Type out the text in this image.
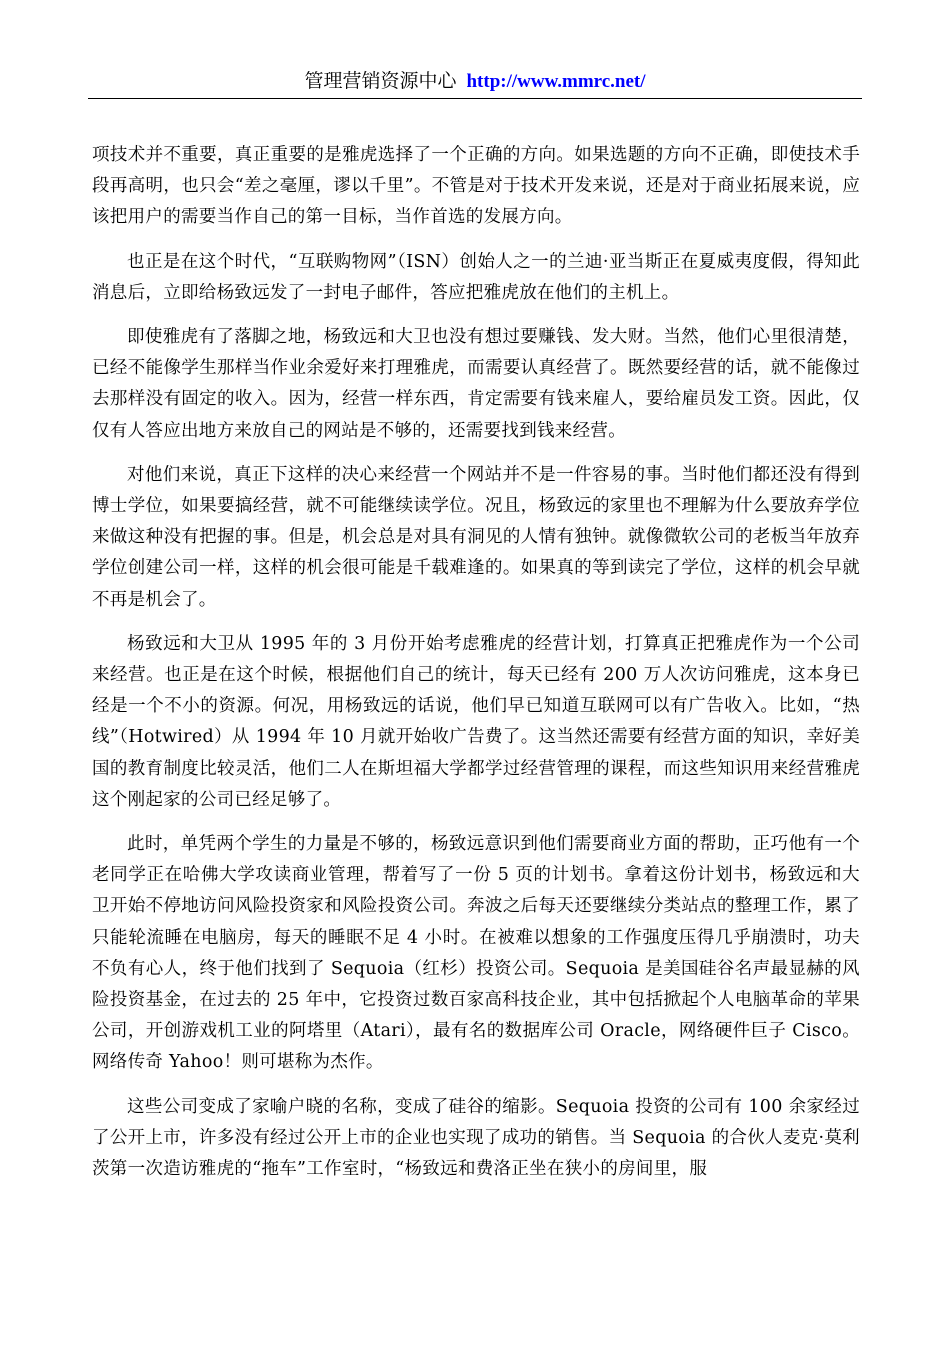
管理营销资源中心 http://www.mmrc.net/

项技术并不重要，真正重要的是雅虎选择了一个正确的方向。如果选题的方向不正确，即使技术手段再高明，也只会“差之毫厘，谬以千里”。不管是对于技术开发来说，还是对于商业拓展来说，应该把用户的需要当作自己的第一目标，当作首选的发展方向。

也正是在这个时代，“互联购物网”（ISN）创始人之一的兰迪·亚当斯正在夏威夷度假，得知此消息后，立即给杨致远发了一封电子邮件，答应把雅虎放在他们的主机上。

即使雅虎有了落脚之地，杨致远和大卫也没有想过要赚钱、发大财。当然，他们心里很清楚，已经不能像学生那样当作业余爱好来打理雅虎，而需要认真经营了。既然要经营的话，就不能像过去那样没有固定的收入。因为，经营一样东西，肯定需要有钱来雇人，要给雇员发工资。因此，仅仅有人答应出地方来放自己的网站是不够的，还需要找到钱来经营。

对他们来说，真正下这样的决心来经营一个网站并不是一件容易的事。当时他们都还没有得到博士学位，如果要搞经营，就不可能继续读学位。况且，杨致远的家里也不理解为什么要放弃学位来做这种没有把握的事。但是，机会总是对具有洞见的人情有独钟。就像微软公司的老板当年放弃学位创建公司一样，这样的机会很可能是千载难逢的。如果真的等到读完了学位，这样的机会早就不再是机会了。

杨致远和大卫从 1995 年的 3 月份开始考虑雅虎的经营计划，打算真正把雅虎作为一个公司来经营。也正是在这个时候，根据他们自己的统计，每天已经有 200 万人次访问雅虎，这本身已经是一个不小的资源。何况，用杨致远的话说，他们早已知道互联网可以有广告收入。比如，“热线”（Hotwired）从 1994 年 10 月就开始收广告费了。这当然还需要有经营方面的知识，幸好美国的教育制度比较灵活，他们二人在斯坦福大学都学过经营管理的课程，而这些知识用来经营雅虎这个刚起家的公司已经足够了。

此时，单凭两个学生的力量是不够的，杨致远意识到他们需要商业方面的帮助，正巧他有一个老同学正在哈佛大学攻读商业管理，帮着写了一份 5 页的计划书。拿着这份计划书，杨致远和大卫开始不停地访问风险投资家和风险投资公司。奔波之后每天还要继续分类站点的整理工作，累了只能轮流睡在电脑房，每天的睡眠不足 4 小时。在被难以想象的工作强度压得几乎崩溃时，功夫不负有心人，终于他们找到了 Sequoia（红杉）投资公司。Sequoia 是美国硅谷名声最显赫的风险投资基金，在过去的 25 年中，它投资过数百家高科技企业，其中包括掀起个人电脑革命的苹果公司，开创游戏机工业的阿塔里（Atari），最有名的数据库公司 Oracle，网络硬件巨子 Cisco。网络传奇 Yahoo！则可堪称为杰作。

这些公司变成了家喻户晓的名称，变成了硅谷的缩影。Sequoia 投资的公司有 100 余家经过了公开上市，许多没有经过公开上市的企业也实现了成功的销售。当 Sequoia 的合伙人麦克·莫利茨第一次造访雅虎的“拖车”工作室时，“杨致远和费洛正坐在狭小的房间里，服
